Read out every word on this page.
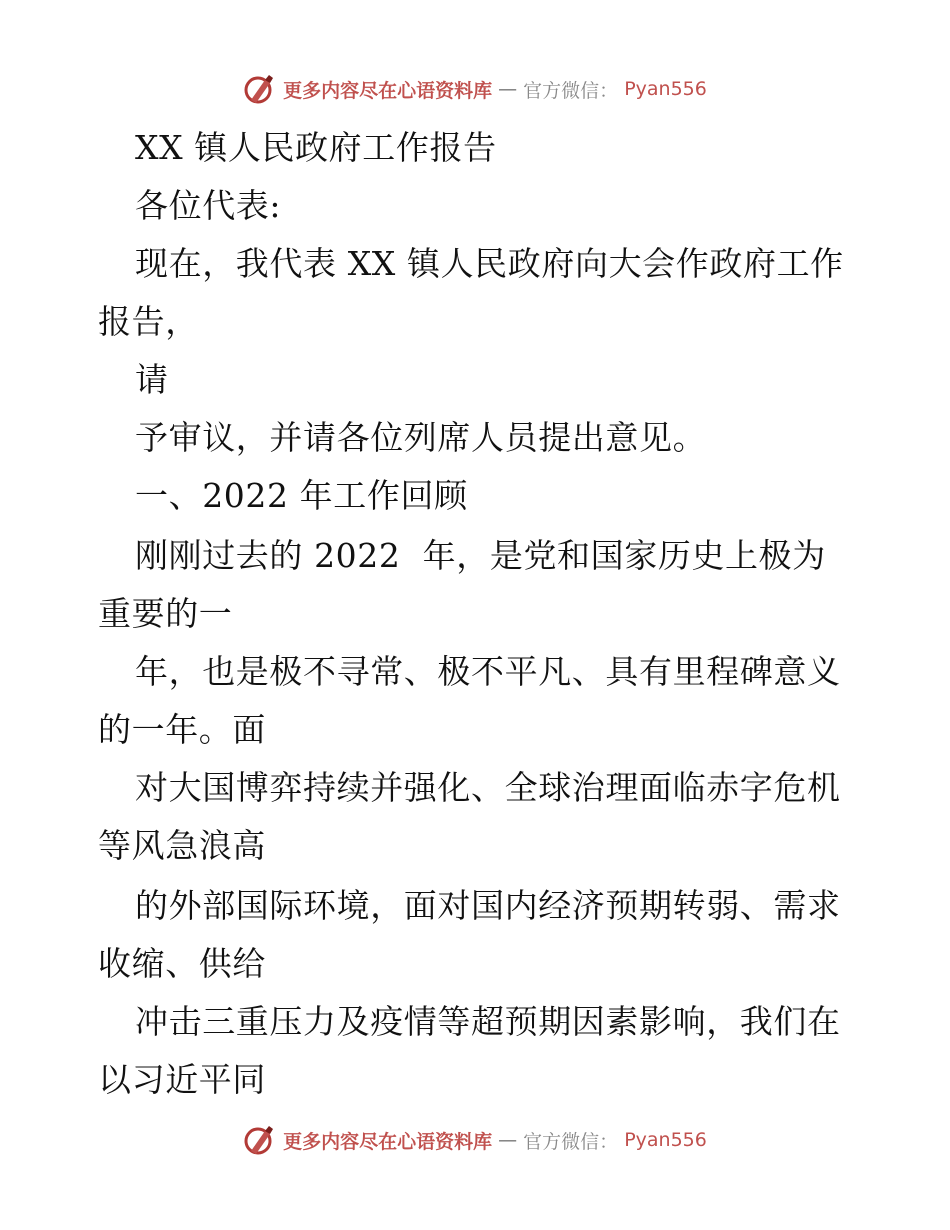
更多内容尽在心语资料库 — 官方微信： Pyan556
XX 镇人民政府工作报告
各位代表:
现在，我代表 XX 镇人民政府向大会作政府工作
报告，
请
予审议，并请各位列席人员提出意见。
一、2022 年工作回顾
刚刚过去的 2022  年，是党和国家历史上极为
重要的一
年，也是极不寻常、极不平凡、具有里程碑意义
的一年。面
对大国博弈持续并强化、全球治理面临赤字危机
等风急浪高
的外部国际环境，面对国内经济预期转弱、需求
收缩、供给
冲击三重压力及疫情等超预期因素影响，我们在
以习近平同
更多内容尽在心语资料库 — 官方微信： Pyan556
